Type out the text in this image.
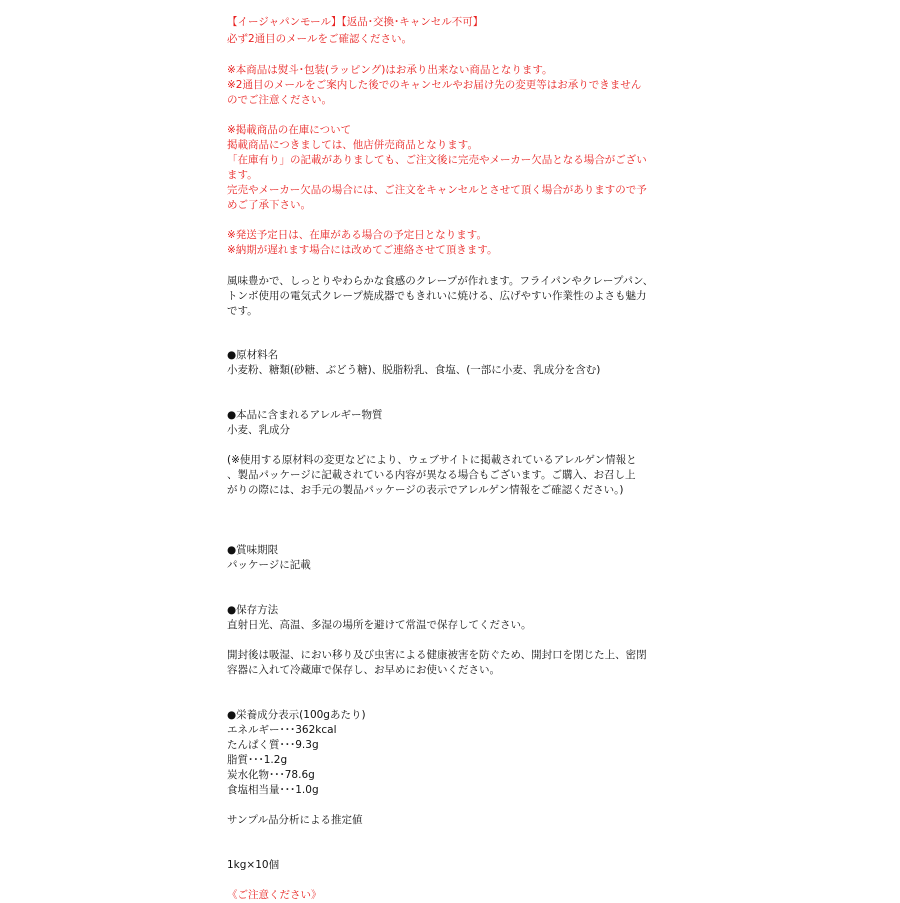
【イージャパンモール】【返品･交換･キャンセル不可】
必ず2通目のメールをご確認ください。
※本商品は熨斗･包装(ラッピング)はお承り出来ない商品となります。
※2通目のメールをご案内した後でのキャンセルやお届け先の変更等はお承りできません
のでご注意ください。
※掲載商品の在庫について
掲載商品につきましては、他店併売商品となります。
「在庫有り」の記載がありましても、ご注文後に完売やメーカー欠品となる場合がござい
ます。
完売やメーカー欠品の場合には、ご注文をキャンセルとさせて頂く場合がありますので予
めご了承下さい。
※発送予定日は、在庫がある場合の予定日となります。
※納期が遅れます場合には改めてご連絡させて頂きます。
風味豊かで、しっとりやわらかな食感のクレープが作れます。フライパンやクレープパン、
トンボ使用の電気式クレープ焼成器でもきれいに焼ける、広げやすい作業性のよさも魅力
です。
●原材料名
小麦粉、糖類(砂糖、ぶどう糖)、脱脂粉乳、食塩、(一部に小麦、乳成分を含む)
●本品に含まれるアレルギー物質
小麦、乳成分
(※使用する原材料の変更などにより、ウェブサイトに掲載されているアレルゲン情報と
、製品パッケージに記載されている内容が異なる場合もございます。ご購入、お召し上
がりの際には、お手元の製品パッケージの表示でアレルゲン情報をご確認ください。)
●賞味期限
パッケージに記載
●保存方法
直射日光、高温、多湿の場所を避けて常温で保存してください。
開封後は吸湿、におい移り及び虫害による健康被害を防ぐため、開封口を閉じた上、密閉
容器に入れて冷蔵庫で保存し、お早めにお使いください。
●栄養成分表示(100gあたり)
エネルギー･･･362kcal
たんぱく質･･･9.3g
脂質･･･1.2g
炭水化物･･･78.6g
食塩相当量･･･1.0g
サンプル品分析による推定値
1kg×10個
《ご注意ください》
